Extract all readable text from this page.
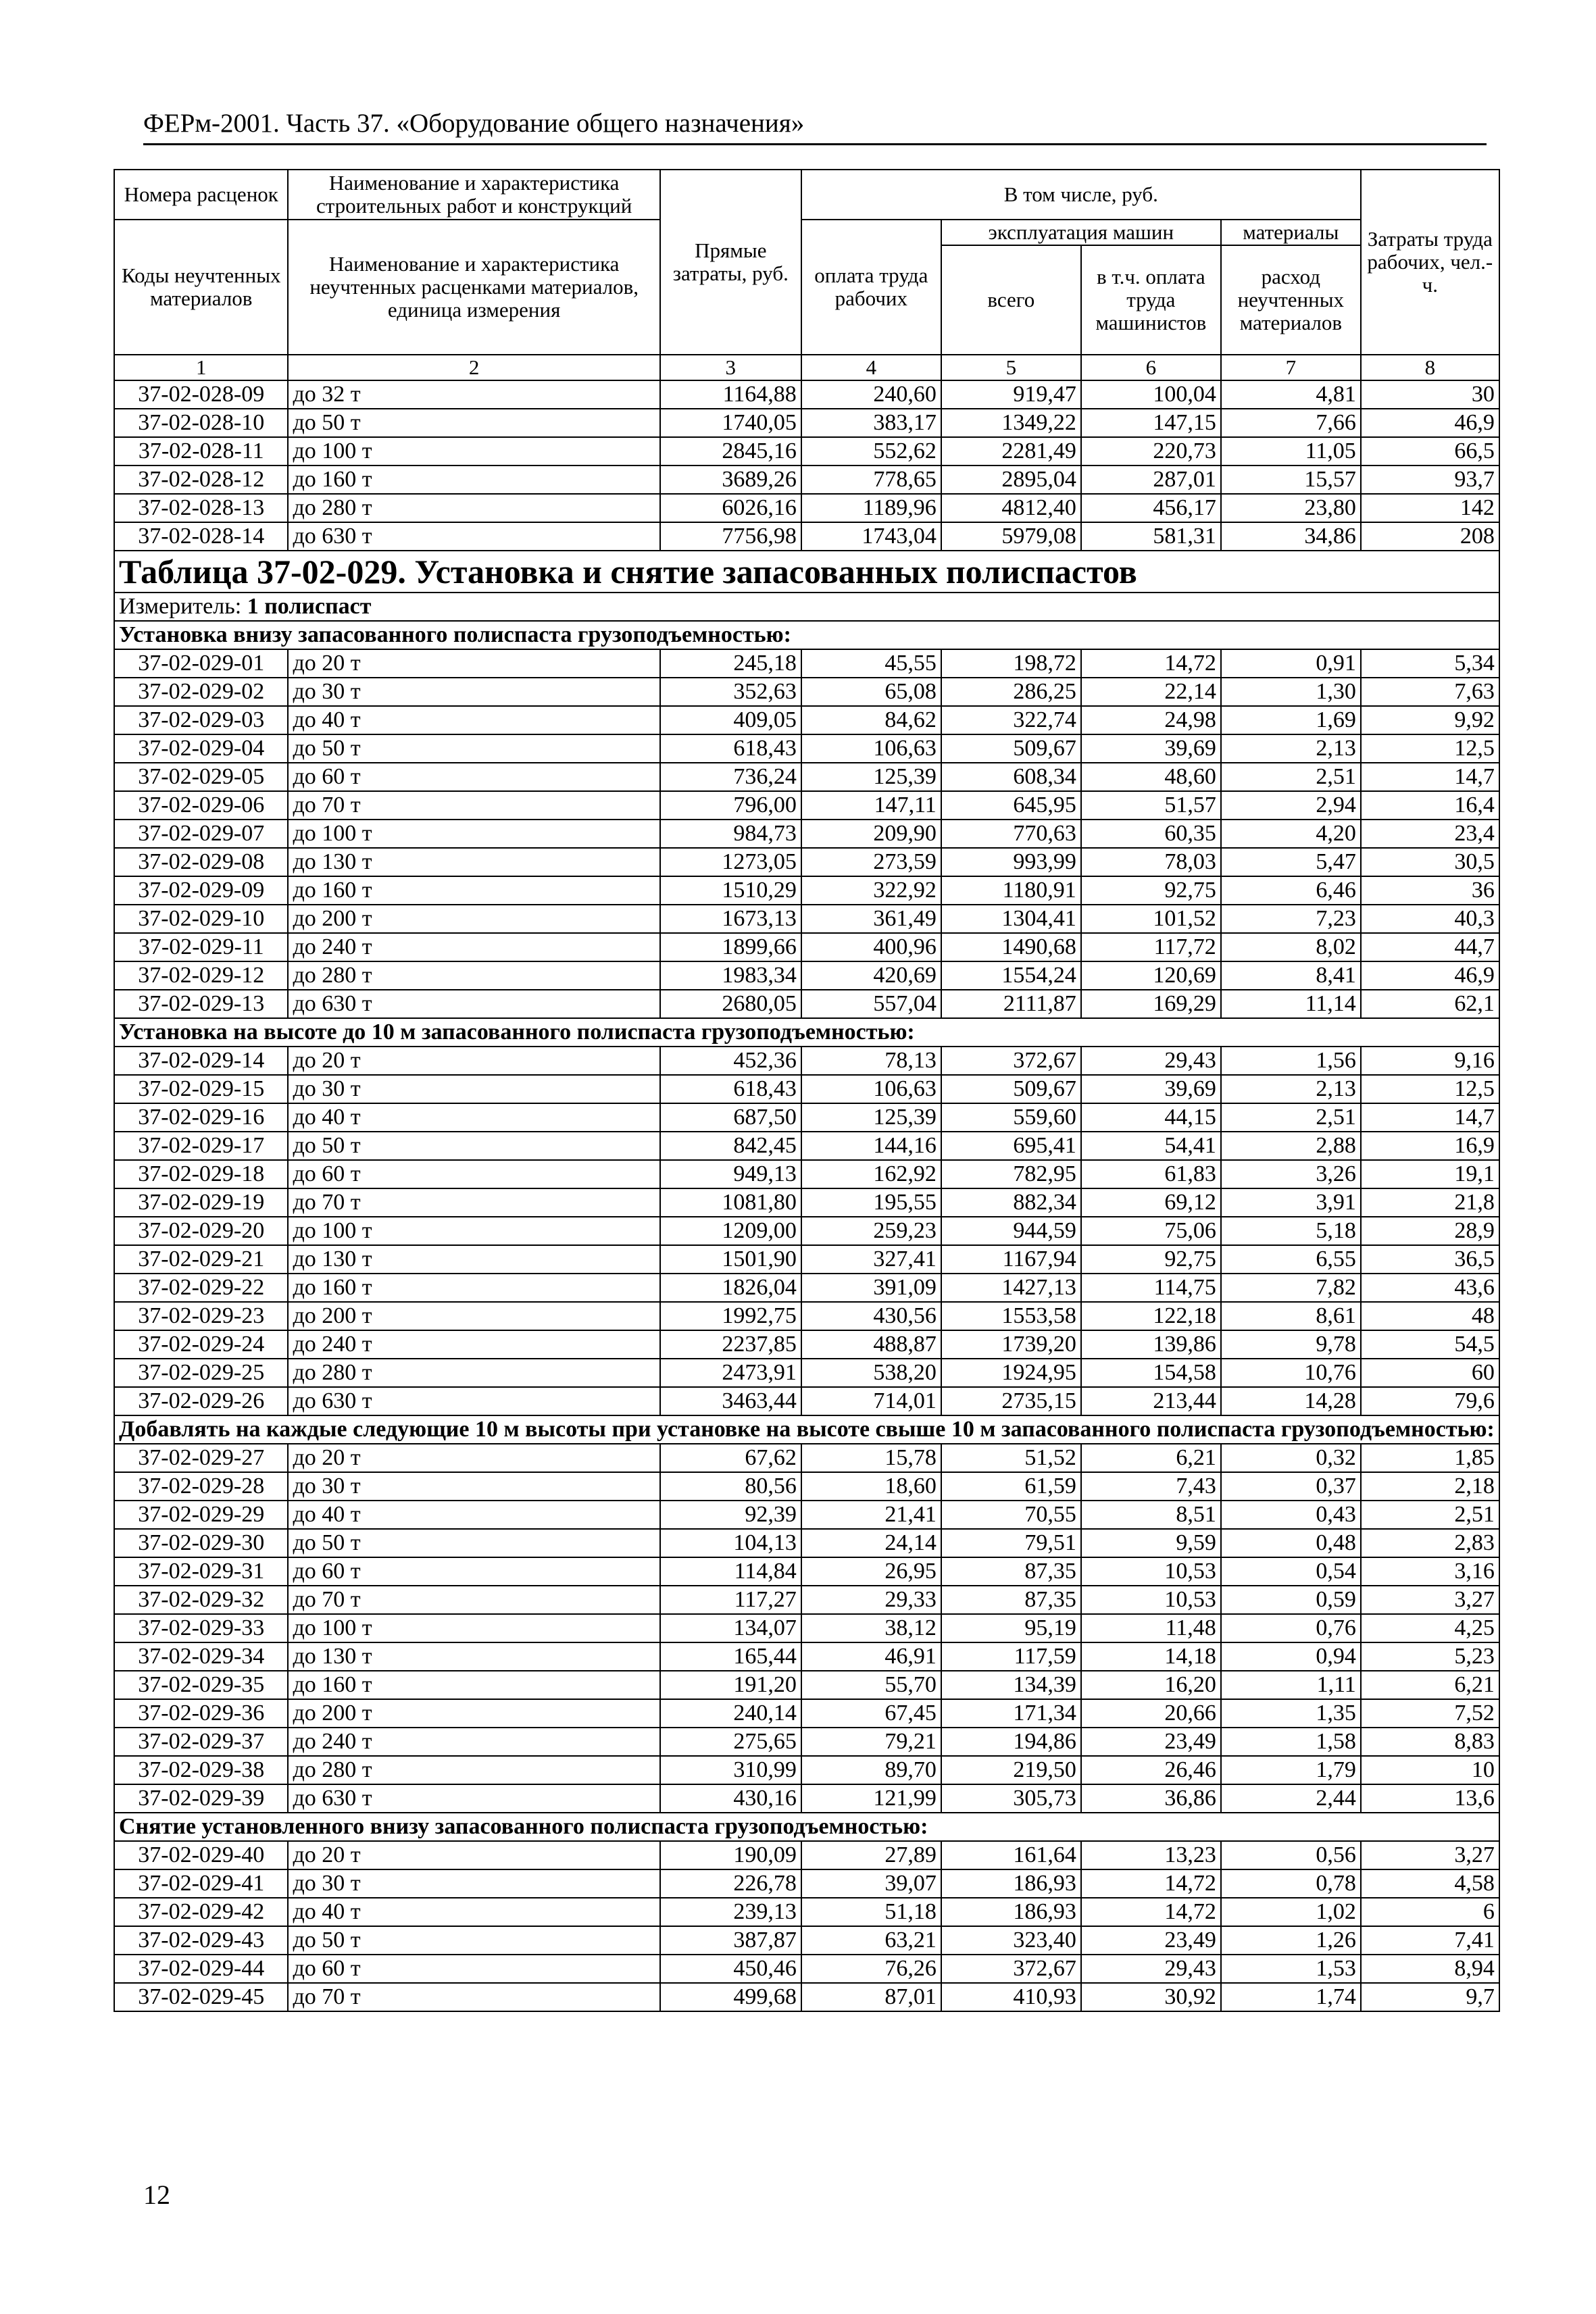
ФЕРм-2001. Часть 37. «Оборудование общего назначения»
Номера расценок	Наименование и характеристика строительных работ и конструкций	Прямые затраты, руб.	В том числе, руб.				Затраты труда рабочих, чел.-ч.
Коды неучтенных материалов	Наименование и характеристика неучтенных расценками материалов, единица измерения		оплата труда рабочих	эксплуатация машин		материалы	
				всего	в т.ч. оплата труда машинистов	расход неучтенных материалов	
1	2	3	4	5	6	7	8
37-02-028-09	до 32 т	1164,88	240,60	919,47	100,04	4,81	30
37-02-028-10	до 50 т	1740,05	383,17	1349,22	147,15	7,66	46,9
37-02-028-11	до 100 т	2845,16	552,62	2281,49	220,73	11,05	66,5
37-02-028-12	до 160 т	3689,26	778,65	2895,04	287,01	15,57	93,7
37-02-028-13	до 280 т	6026,16	1189,96	4812,40	456,17	23,80	142
37-02-028-14	до 630 т	7756,98	1743,04	5979,08	581,31	34,86	208

Таблица 37-02-029. Установка и снятие запасованных полиспастов							

Измеритель: 1 полиспаст							
Установка внизу запасованного полиспаста грузоподъемностью:							
37-02-029-01	до 20 т	245,18	45,55	198,72	14,72	0,91	5,34
37-02-029-02	до 30 т	352,63	65,08	286,25	22,14	1,30	7,63
37-02-029-03	до 40 т	409,05	84,62	322,74	24,98	1,69	9,92
37-02-029-04	до 50 т	618,43	106,63	509,67	39,69	2,13	12,5
37-02-029-05	до 60 т	736,24	125,39	608,34	48,60	2,51	14,7
37-02-029-06	до 70 т	796,00	147,11	645,95	51,57	2,94	16,4
37-02-029-07	до 100 т	984,73	209,90	770,63	60,35	4,20	23,4
37-02-029-08	до 130 т	1273,05	273,59	993,99	78,03	5,47	30,5
37-02-029-09	до 160 т	1510,29	322,92	1180,91	92,75	6,46	36
37-02-029-10	до 200 т	1673,13	361,49	1304,41	101,52	7,23	40,3
37-02-029-11	до 240 т	1899,66	400,96	1490,68	117,72	8,02	44,7
37-02-029-12	до 280 т	1983,34	420,69	1554,24	120,69	8,41	46,9
37-02-029-13	до 630 т	2680,05	557,04	2111,87	169,29	11,14	62,1
Установка на высоте до 10 м запасованного полиспаста грузоподъемностью:							
37-02-029-14	до 20 т	452,36	78,13	372,67	29,43	1,56	9,16
37-02-029-15	до 30 т	618,43	106,63	509,67	39,69	2,13	12,5
37-02-029-16	до 40 т	687,50	125,39	559,60	44,15	2,51	14,7
37-02-029-17	до 50 т	842,45	144,16	695,41	54,41	2,88	16,9
37-02-029-18	до 60 т	949,13	162,92	782,95	61,83	3,26	19,1
37-02-029-19	до 70 т	1081,80	195,55	882,34	69,12	3,91	21,8
37-02-029-20	до 100 т	1209,00	259,23	944,59	75,06	5,18	28,9
37-02-029-21	до 130 т	1501,90	327,41	1167,94	92,75	6,55	36,5
37-02-029-22	до 160 т	1826,04	391,09	1427,13	114,75	7,82	43,6
37-02-029-23	до 200 т	1992,75	430,56	1553,58	122,18	8,61	48
37-02-029-24	до 240 т	2237,85	488,87	1739,20	139,86	9,78	54,5
37-02-029-25	до 280 т	2473,91	538,20	1924,95	154,58	10,76	60
37-02-029-26	до 630 т	3463,44	714,01	2735,15	213,44	14,28	79,6
Добавлять на каждые следующие 10 м высоты при установке на высоте свыше 10 м запасованного полиспаста грузоподъемностью:							
37-02-029-27	до 20 т	67,62	15,78	51,52	6,21	0,32	1,85
37-02-029-28	до 30 т	80,56	18,60	61,59	7,43	0,37	2,18
37-02-029-29	до 40 т	92,39	21,41	70,55	8,51	0,43	2,51
37-02-029-30	до 50 т	104,13	24,14	79,51	9,59	0,48	2,83
37-02-029-31	до 60 т	114,84	26,95	87,35	10,53	0,54	3,16
37-02-029-32	до 70 т	117,27	29,33	87,35	10,53	0,59	3,27
37-02-029-33	до 100 т	134,07	38,12	95,19	11,48	0,76	4,25
37-02-029-34	до 130 т	165,44	46,91	117,59	14,18	0,94	5,23
37-02-029-35	до 160 т	191,20	55,70	134,39	16,20	1,11	6,21
37-02-029-36	до 200 т	240,14	67,45	171,34	20,66	1,35	7,52
37-02-029-37	до 240 т	275,65	79,21	194,86	23,49	1,58	8,83
37-02-029-38	до 280 т	310,99	89,70	219,50	26,46	1,79	10
37-02-029-39	до 630 т	430,16	121,99	305,73	36,86	2,44	13,6
Снятие установленного внизу запасованного полиспаста грузоподъемностью:							
37-02-029-40	до 20 т	190,09	27,89	161,64	13,23	0,56	3,27
37-02-029-41	до 30 т	226,78	39,07	186,93	14,72	0,78	4,58
37-02-029-42	до 40 т	239,13	51,18	186,93	14,72	1,02	6
37-02-029-43	до 50 т	387,87	63,21	323,40	23,49	1,26	7,41
37-02-029-44	до 60 т	450,46	76,26	372,67	29,43	1,53	8,94
37-02-029-45	до 70 т	499,68	87,01	410,93	30,92	1,74	9,7
12
